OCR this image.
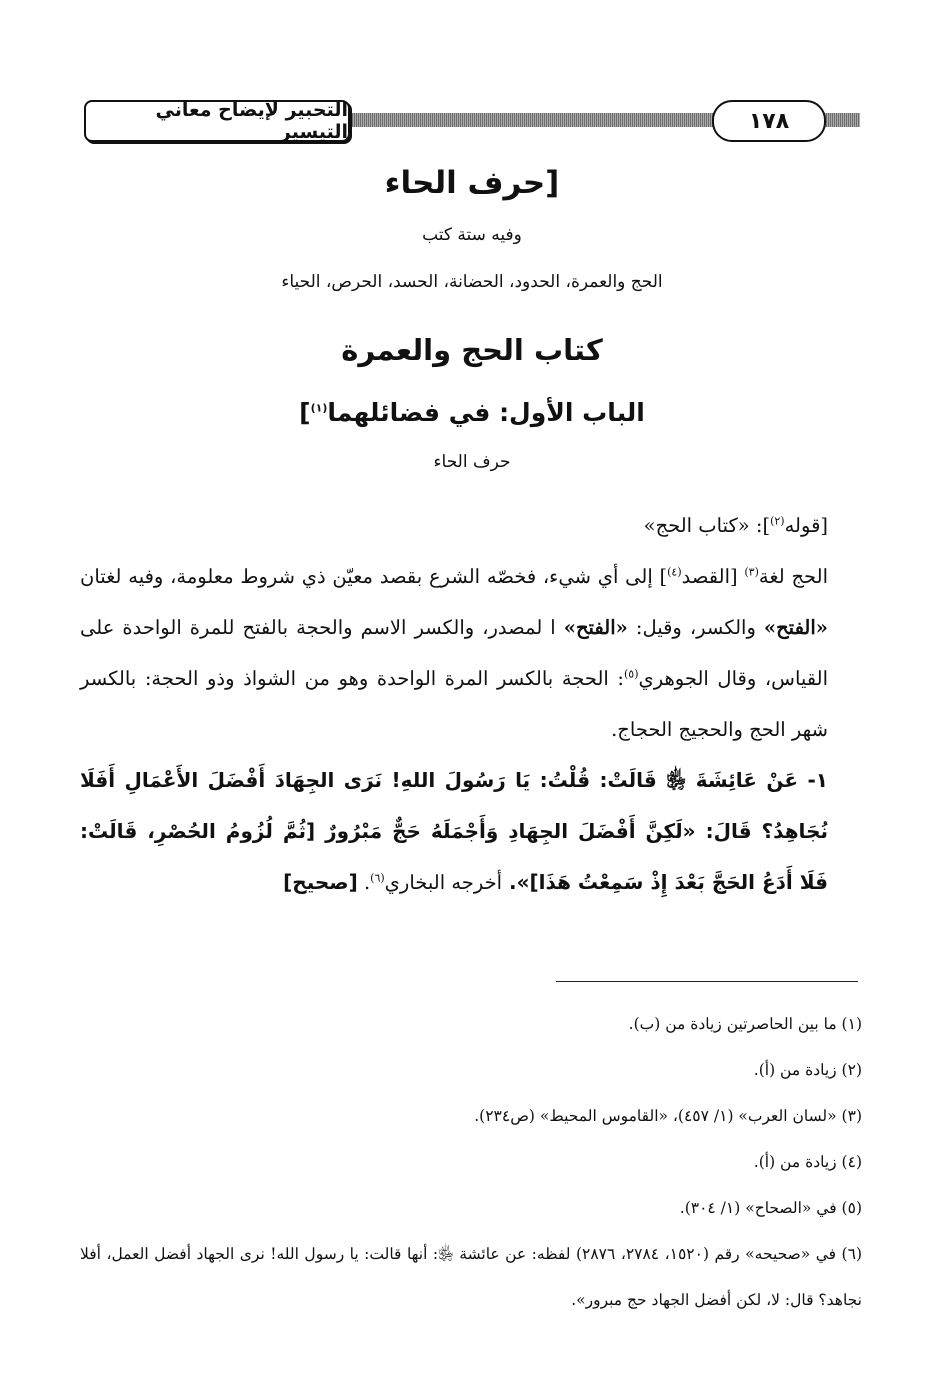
التحبير لإيضاح معاني التيسير	١٧٨
[حرف الحاء
وفيه ستة كتب
الحج والعمرة، الحدود، الحضانة، الحسد، الحرص، الحياء
كتاب الحج والعمرة
الباب الأول: في فضائلهما$^{(١)}$]
حرف الحاء

[قوله$^{(٢)}$]: «كتاب الحج»

الحج لغة$^{(٣)}$ [القصد$^{(٤)}$] إلى أي شيء، فخصّه الشرع بقصد معيّن ذي شروط معلومة، وفيه لغتان «الفتح» والكسر، وقيل: «الفتح» ا لمصدر، والكسر الاسم والحجة بالفتح للمرة الواحدة على القياس، وقال الجوهري$^{(٥)}$: الحجة بالكسر المرة الواحدة وهو من الشواذ وذو الحجة: بالكسر شهر الحج والحجيج الحجاج.

١- عَنْ عَائِشَةَ ﵂ قَالَتْ: قُلْتُ: يَا رَسُولَ اللهِ! نَرَى الجِهَادَ أَفْضَلَ الأَعْمَالِ أَفَلَا نُجَاهِدُ؟ قَالَ: «لَكِنَّ أَفْضَلَ الجِهَادِ وَأَجْمَلَهُ حَجٌّ مَبْرُورٌ [ثُمَّ لُزُومُ الحُصْرِ، قَالَتْ: فَلَا أَدَعُ الحَجَّ بَعْدَ إِذْ سَمِعْتُ هَذَا]». أخرجه البخاري$^{(٦)}$. [صحيح]

(١) ما بين الحاصرتين زيادة من (ب).

(٢) زيادة من (أ).

(٣) «لسان العرب» (١/ ٤٥٧)، «القاموس المحيط» (ص٢٣٤).

(٤) زيادة من (أ).

(٥) في «الصحاح» (١/ ٣٠٤).

(٦) في «صحيحه» رقم (١٥٢٠، ٢٧٨٤، ٢٨٧٦) لفظه: عن عائشة ﵂: أنها قالت: يا رسول الله! نرى الجهاد أفضل العمل، أفلا نجاهد؟ قال: لا، لكن أفضل الجهاد حج مبرور».
